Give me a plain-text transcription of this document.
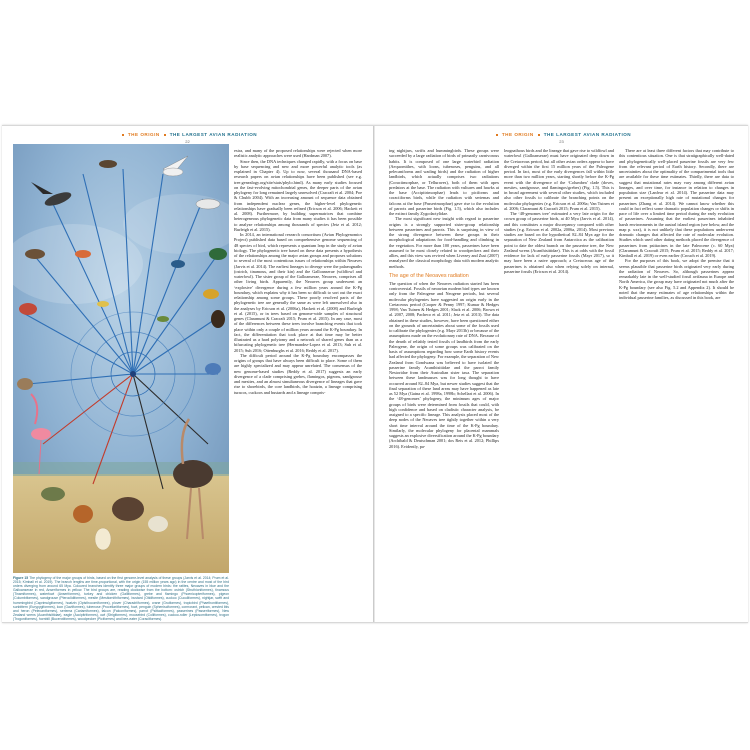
THE ORIGIN THE LARGEST AVIAN RADIATION
22
Figure 15 The phylogeny of the major groups of birds, based on the first genome-level analysis of these groups (Jarvis et al. 2014; Prum et al. 2015; Kimball et al. 2019). The branch lengths are time-proportional, with the origin (155 million years ago) in the centre and most of the bird orders diverging from around 65 Mya. Coloured branches identify three major groups of modern birds: the ratites, Neoaves in blue and the Galloanserae in red, Anseriformes in yellow. The bird groups are, reading clockwise from the bottom: ostrich (Struthioniformes), tinamous (Tinamiformes), waterfowl (Anseriformes), turkey and chicken (Galliformes), grebe and flamingo (Phoenicopteriformes), pigeon (Columbiformes), sandgrouse (Pteroclidiformes), mesite (Mesitornithiformes), bustard (Otidiformes), cuckoo (Cuculiformes), nightjar, swift and hummingbird (Caprimulgiformes), hoatzin (Opisthocomiformes), plover (Charadriiformes), crane (Gruiformes), tropicbird (Phaethontiformes), sunbittern (Eurypygiformes), loon (Gaviiformes), tubenose (Procellariiformes), fowl, penguin (Sphenisciformes), cormorant, pelican, crested ibis and heron (Pelecaniformes), seriema (Cariamiformes), falcon (Falconiformes), parrot (Psittaciformes), passerines (Passeriformes), New Zealand wrens (Acanthisittidae), eagle (Accipitriformes), owl (Strigiformes), mousebird (Coliiformes), cuckoo-roller (Leptosomiformes), trogon (Trogoniformes), hornbill (Bucerotiformes), woodpecker (Piciformes) and bee-eater (Coraciiformes).

estra, and many of the proposed relationships were rejected when more realistic analytic approaches were used (Hardman 2007).

Since then, the DNA techniques changed rapidly, with a focus on base by base sequencing and new and more powerful analytic tools (as explained in Chapter 4). Up to now, several thousand DNA-based research papers on avian relationships have been published (see e.g. tree.genealogy.org/site/stats/phylo.html). As many early studies focused on the fast-evolving mitochondrial genes, the deeper parts of the avian phylogeny for long remained largely unresolved (Cracraft et al. 2004; Poe & Chubb 2004). With an increasing amount of sequence data obtained from independent nuclear genes, the higher-level phylogenetic relationships have gradually been refined (Ericson et al. 2006; Hackett et al. 2008). Furthermore, by building supermatrices that combine heterogeneous phylogenetic data from many studies it has been possible to analyze relationships among thousands of species (Jetz et al. 2012; Burleigh et al. 2015).

In 2014, an international research consortium (Avian Phylogenomics Project) published data based on comprehensive genome sequencing of 48 species of bird, which represents a quantum leap in the study of avian biology. The phylogenetic tree based on these data presents a hypothesis of the relationships among the major avian groups and proposes solutions to several of the most contentious issues of relationships within Neoaves (Jarvis et al. 2014). The earliest lineages to diverge were the palaeognaths (ostrich, tinamous, and their kin) and the Galloanserae (wildfowl and waterfowl). The sister group of the Galloanserae, Neoaves, comprises all other living birds. Apparently, the Neoaves group underwent an ‘explosive’ divergence during a few million years around the K-Pg boundary, which explains why it has been so difficult to sort out the exact relationship among some groups. These poorly resolved parts of the phylogenetic tree are generally the same as were left unresolved also in the analyses by Ericson et al. (2006a), Hackett et al. (2008) and Burleigh et al. (2015), or in trees based on genome-wide samples of structural genes (Claramunt & Cracraft 2015; Prum et al. 2015). In any case, most of the differences between these trees involve branching events that took place within only a couple of million years around the K-Pg boundary. In fact, the differentiation that took place at that time may be better illustrated as a hard polytomy and a network of shared genes than as a bifurcating phylogenetic tree (Hermandez-Lopez et al. 2013; Suh et al. 2015; Suh 2016; Ottenburghs et al. 2016; Reddy et al. 2017).

The difficult period around the K-Pg boundary encompasses the origins of groups that have always been difficult to place. Some of them are highly specialized and may appear unrelated. The consensus of the new genome-based studies (Reddy et al. 2017) suggests an early divergence of a clade comprising grebes, flamingos, pigeons, sandgrouse and mesites, and an almost simultaneous divergence of lineages that gave rise to shorebirds, the core landbirds, the hoatzin, a lineage comprising turacos, cuckoos and bustards and a lineage compris-

THE ORIGIN THE LARGEST AVIAN RADIATION
23

ing nightjars, swifts and hummingbirds. These groups were succeeded by a large radiation of birds of primarily carnivorous habits. It is composed of one large waterbird radiation (Aequornithes, with loons, tubenoses, penguins, and all pelecaniforms and wading birds) and the radiation of higher landbirds, which actually comprises two radiations (Coraciimorphae, or Telluraves), both of them with apex predators at the base. The radiation with vultures and hawks at the base (Accipitrimorphae) leads to piciforms and coraciiforms birds, while the radiation with seriemas and falcons at the base (Passerimorphae) gave rise to the evolution of parrots and passerine birds (Fig. 1.5), which also includes the extinct family Zygodactylidae.

The most significant new insight with regard to passerine origins is a strongly supported sister-group relationship between passerines and parrots. This is surprising in view of the strong divergence between these groups in their morphological adaptations for food-handling and climbing in the vegetation. For more than 100 years, passerines have been assumed to be most closely related to woodpeckers and their allies, and this view was revived when Livezey and Zusi (2007) reanalyzed the classical morphology data with modern analytic methods.

The age of the Neoaves radiation

The question of when the Neoaves radiation started has been controversial. Fossils of neoavian modern bird types are known only from the Paleogene and Neogene periods, but several molecular phylogenies have suggested an origin early in the Cretaceous period (Cooper & Penny 1997; Kumar & Hedges 1998; Van Tuinen & Hedges 2001; Slack et al. 2006; Brown et al. 2007, 2008; Pacheco et al. 2011; Jetz et al. 2013). The data obtained in these studies, however, have been questioned either on the grounds of uncertainties about some of the fossils used to calibrate the phylogenies (e.g. Mayr 2013b) or because of the assumptions made on the evolutionary rate of DNA. Because of the dearth of reliably tested fossils of landbirds from the early Paleogene, the origin of some groups was calibrated on the basis of assumptions regarding how some Earth history events had affected the phylogeny. For example, the separation of New Zealand from Gondwana was believed to have isolated the passerine family Acanthisittidae and the parrot family Nestoridae from their Australian sister taxa. The separation between these landmasses was for long thought to have occurred around 82–84 Mya, but newer studies suggest that the final separation of these land areas may have happened as late as 52 Mya (Gaina et al. 1998a, 1998b; Schellart et al. 2006). In the ‘48-genomes’ phylogeny, the minimum ages of major groups of birds were determined from fossils that could, with high confidence and based on cladistic character analysis, be assigned to a specific lineage. This analysis placed most of the deep nodes of the Neoaves tree tightly together within a very short time interval around the time of the K-Pg boundary. Similarly, the molecular phylogeny for placental mammals suggests an explosive diversification around the K-Pg boundary (Archibald & Deutschman 2001; dos Reis et al. 2012; Phillips 2016). Evidently, pa-

leognathous birds and the lineage that gave rise to wildfowl and waterfowl (Galloanserae) must have originated deep down in the Cretaceous period, but all other avian orders appear to have diverged within the first 15 million years of the Paleogene period. In fact, most of the early divergences fall within little more than two million years, starting shortly before the K-Pg event with the divergence of the ‘Columbea’ clade (doves, mesites, sandgrouse, and flamingos/grebes) (Fig. 1.5). This is in broad agreement with several other studies, which included also other fossils to calibrate the branching points on the molecular phylogenies (e.g. Ericson et al. 2006a; Van Tuinen et al. 2006; Claramunt & Cracraft 2015; Prum et al. 2015).

The ‘48-genomes tree’ estimated a very late origin for the crown group of passerine birds, at 40 Mya (Jarvis et al. 2014), and this constitutes a major discrepancy compared with other studies (e.g. Ericson et al. 2002a, 2006a, 2014). Most previous studies are based on the hypothetical 82–84 Mya age for the separation of New Zealand from Antarctica as the calibration point to date the oldest branch on the passerine tree, the New Zealand wrens (Acanthisittidae). This is at odds with the fossil evidence for lack of early passerine fossils (Mayr 2017), so it may have been a naive approach; a Cretaceous age of the passerines is obtained also when relying solely on internal, passerine fossils (Ericson et al. 2014).

There are at least three different factors that may contribute to this contentious situation. One is that stratigraphically well-dated and phylogenetically well-placed passerine fossils are very few from the relevant period of Earth history. Secondly, there are uncertainties about the optimality of the compartmental tools that are available for these time estimates. Thirdly, there are data to suggest that mutational rates may vary among different avian lineages, and over time, for instance in relation to changes in population size (Lanfear et al. 2014). The passerine data may present an exceptionally high rate of mutational changes for passerines (Zhang et al. 2014). We cannot know whether this could in fact reflect some dramatic population changes or shifts in pace of life over a limited time period during the early evolution of passerines. Assuming that the earliest passerines inhabited harsh environments in the austral island region (see below, and the map p. xxx), it is not unlikely that these populations underwent dramatic changes that affected the rate of molecular evolution. Studies which used other dating methods placed the divergence of passerines from psittacines in the late Paleocene (c. 60 Mya) (Claramunt & Cracraft 2015; Prum et al. 2015; Reddy et al. 2017; Kimball et al. 2019) or even earlier (Crouch et al. 2019).

For the purposes of this book, we adopt the premise that it seems plausible that passerine birds originated very early during the radiation of Neoaves. So, although passerines appear remarkably late in the well-studied fossil avifauna in Europe and North America, the group may have originated not much after the K-Pg boundary (see also Fig. 5.2 and Appendix 2). It should be noted that the many estimates of age relationships within the individual passerine families, as discussed in this book, are
